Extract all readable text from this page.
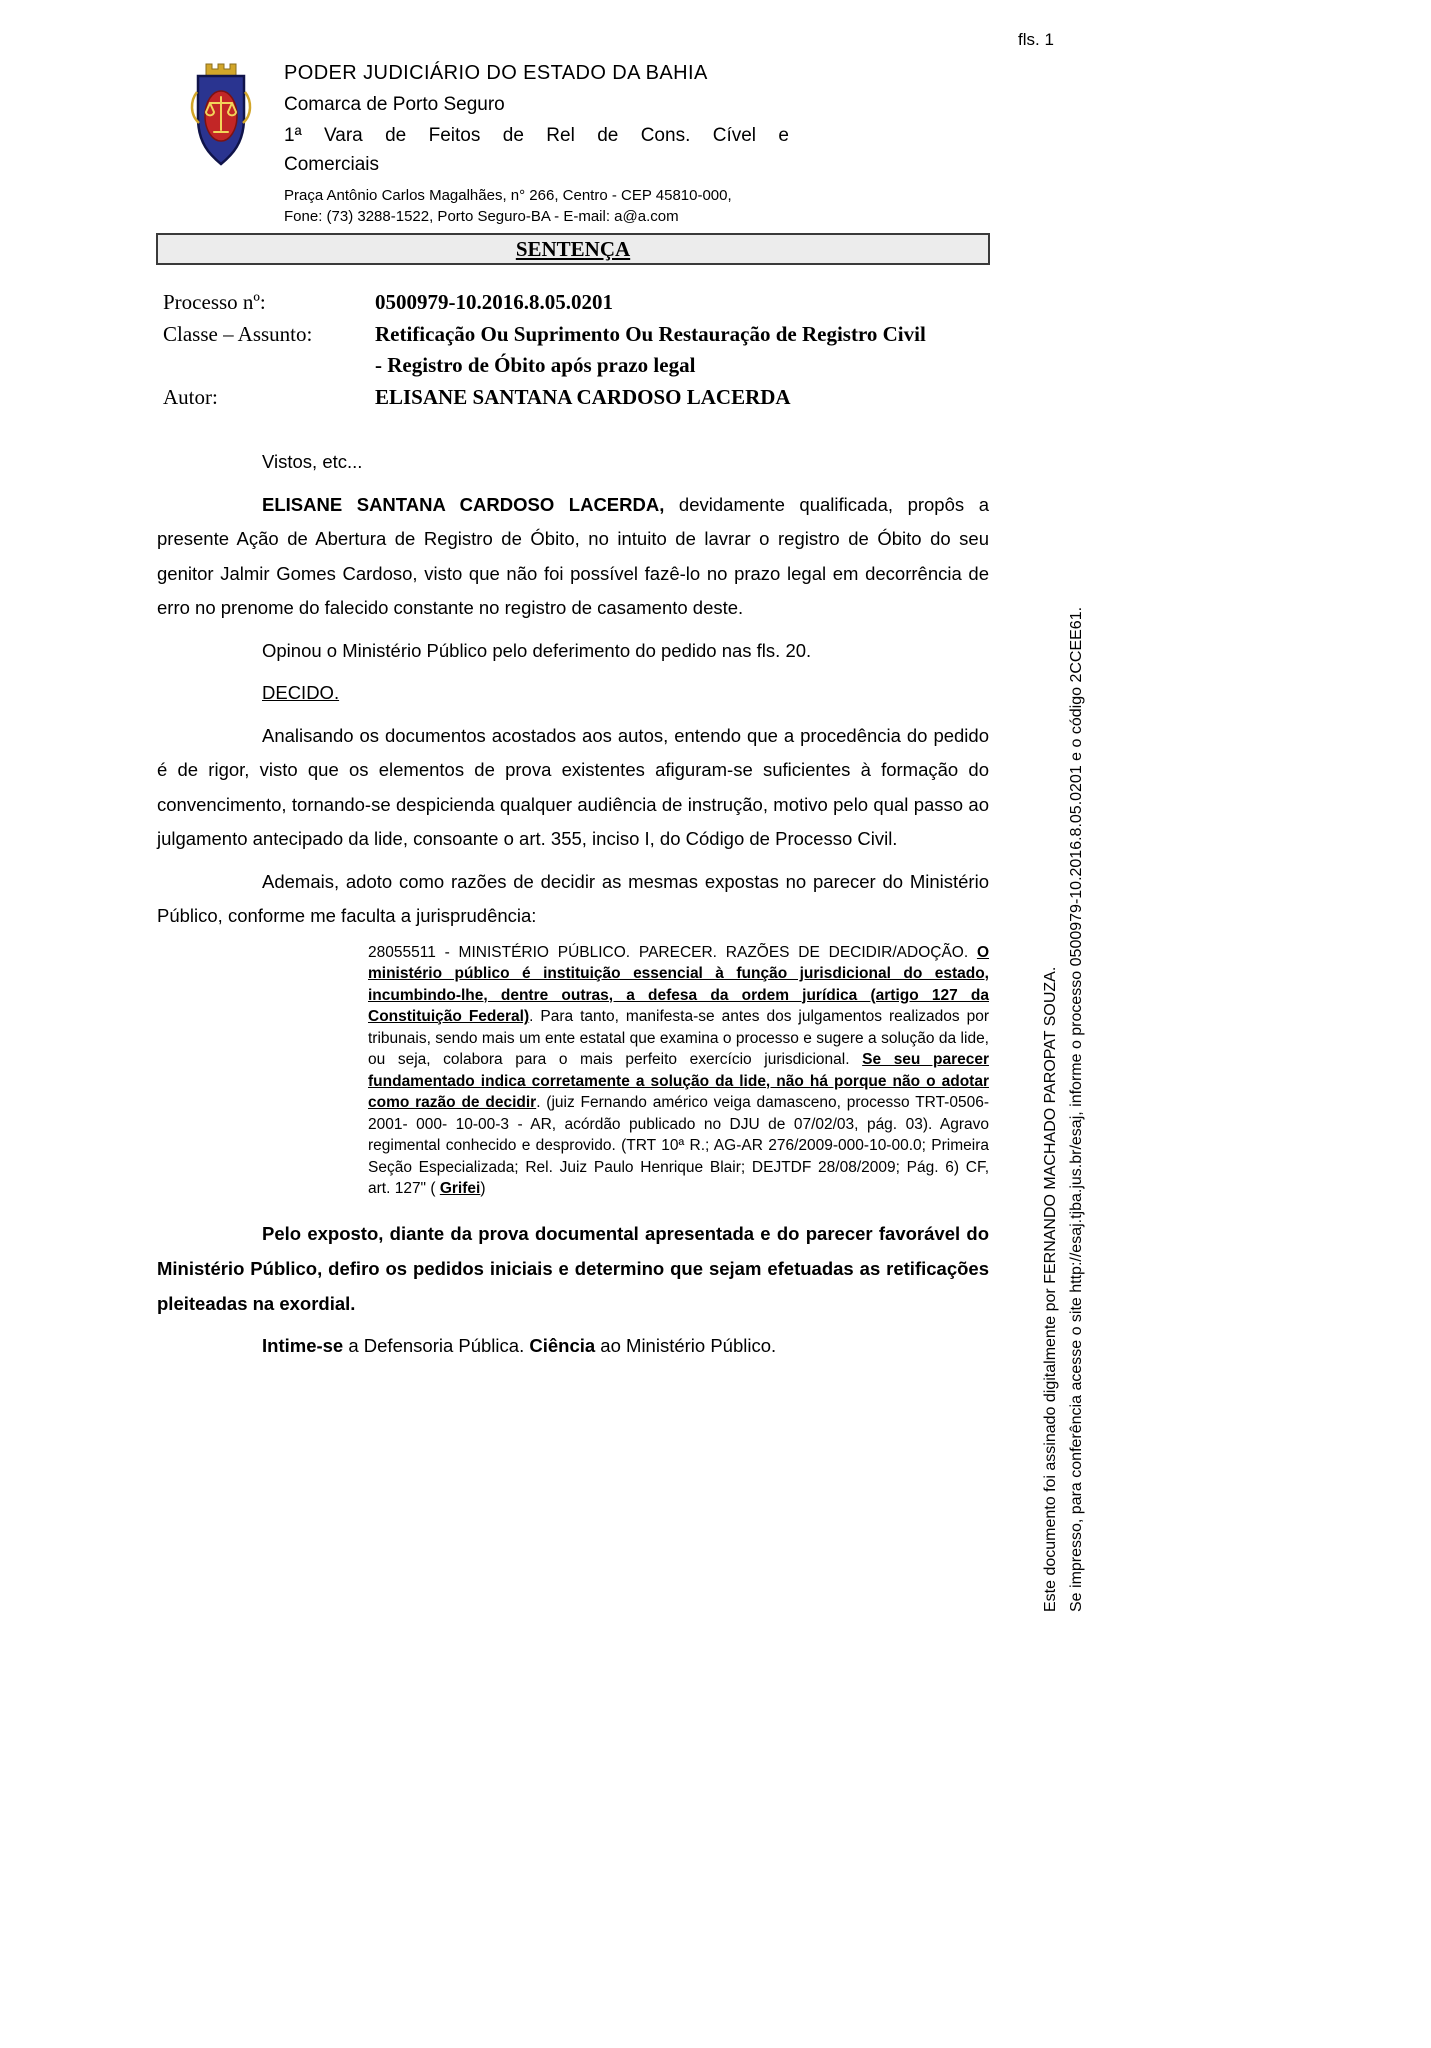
fls. 1
PODER JUDICIÁRIO DO ESTADO DA BAHIA
Comarca de Porto Seguro
1ª Vara de Feitos de Rel de Cons. Cível e
Comerciais
Praça Antônio Carlos Magalhães, n° 266, Centro - CEP 45810-000,
Fone: (73) 3288-1522, Porto Seguro-BA - E-mail: a@a.com
SENTENÇA
Processo nº:	0500979-10.2016.8.05.0201
Classe – Assunto:	Retificação Ou Suprimento Ou Restauração de Registro Civil - Registro de Óbito após prazo legal
Autor:	ELISANE SANTANA CARDOSO LACERDA

Vistos, etc...

ELISANE SANTANA CARDOSO LACERDA, devidamente qualificada, propôs a presente Ação de Abertura de Registro de Óbito, no intuito de lavrar o registro de Óbito do seu genitor Jalmir Gomes Cardoso, visto que não foi possível fazê-lo no prazo legal em decorrência de erro no prenome do falecido constante no registro de casamento deste.

Opinou o Ministério Público pelo deferimento do pedido nas fls. 20.

DECIDO.

Analisando os documentos acostados aos autos, entendo que a procedência do pedido é de rigor, visto que os elementos de prova existentes afiguram-se suficientes à formação do convencimento, tornando-se despicienda qualquer audiência de instrução, motivo pelo qual passo ao julgamento antecipado da lide, consoante o art. 355, inciso I, do Código de Processo Civil.

Ademais, adoto como razões de decidir as mesmas expostas no parecer do Ministério Público, conforme me faculta a jurisprudência:

28055511 - MINISTÉRIO PÚBLICO. PARECER. RAZÕES DE DECIDIR/ADOÇÃO. O ministério público é instituição essencial à função jurisdicional do estado, incumbindo-lhe, dentre outras, a defesa da ordem jurídica (artigo 127 da Constituição Federal). Para tanto, manifesta-se antes dos julgamentos realizados por tribunais, sendo mais um ente estatal que examina o processo e sugere a solução da lide, ou seja, colabora para o mais perfeito exercício jurisdicional. Se seu parecer fundamentado indica corretamente a solução da lide, não há porque não o adotar como razão de decidir. (juiz Fernando américo veiga damasceno, processo TRT-0506-2001- 000- 10-00-3 - AR, acórdão publicado no DJU de 07/02/03, pág. 03). Agravo regimental conhecido e desprovido. (TRT 10ª R.; AG-AR 276/2009-000-10-00.0; Primeira Seção Especializada; Rel. Juiz Paulo Henrique Blair; DEJTDF 28/08/2009; Pág. 6) CF, art. 127" ( Grifei)

Pelo exposto, diante da prova documental apresentada e do parecer favorável do Ministério Público, defiro os pedidos iniciais e determino que sejam efetuadas as retificações pleiteadas na exordial.

Intime-se a Defensoria Pública. Ciência ao Ministério Público.	Este documento foi assinado digitalmente por FERNANDO MACHADO PAROPAT SOUZA. Se impresso, para conferência acesse o site http://esaj.tjba.jus.br/esaj, informe o processo 0500979-10.2016.8.05.0201 e o código 2CCEE61.
